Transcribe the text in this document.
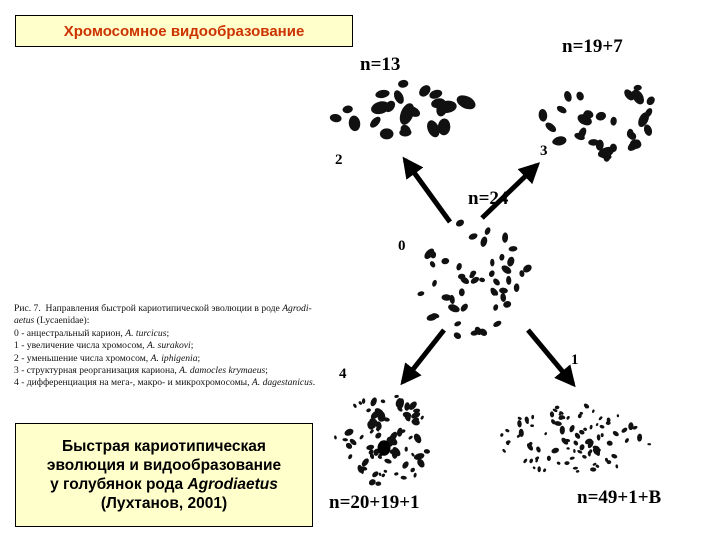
Хромосомное видообразование
n=13
n=19+7
n=24
n=20+19+1	n=49+1+B
2
3
0
4
1
Рис. 7. Направления быстрой кариотипической эволюции в роде Agrodi-
aetus (Lycaenidae):
0 - анцестральный карион, A. turcicus;
1 - увеличение числа хромосом, A. surakovi;
2 - уменьшение числа хромосом, A. iphigenia;
3 - структурная реорганизация кариона, A. damocles krymaeus;
4 - дифференциация на мега-, макро- и микрохромосомы, A. dagestanicus.
Быстрая кариотипическая
эволюция и видообразование
у голубянок рода Agrodiaetus
(Лухтанов, 2001)
